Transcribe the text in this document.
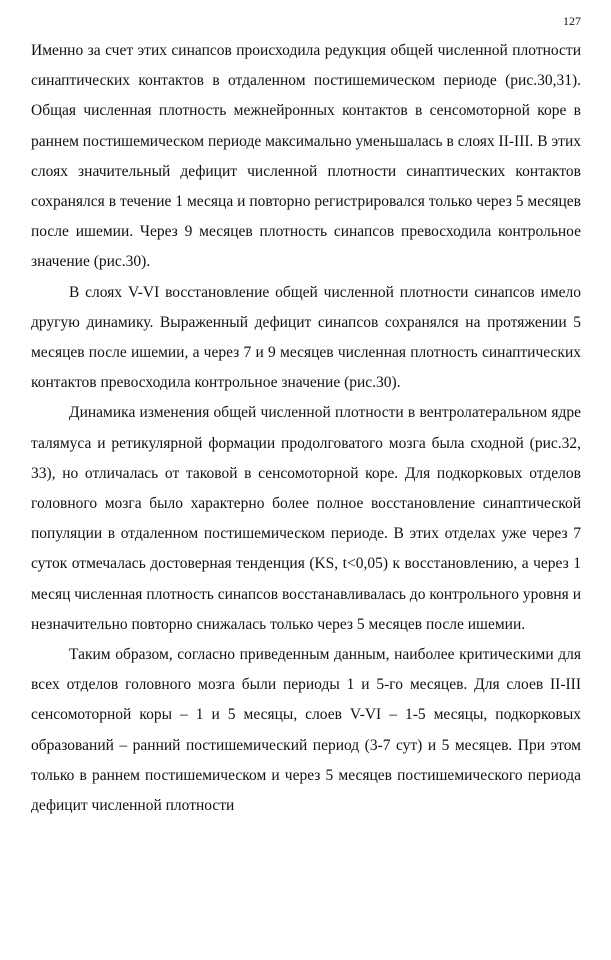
127

Именно за счет этих синапсов происходила редукция общей численной плотности синаптических контактов в отдаленном постишемическом периоде (рис.30,31). Общая численная плотность межнейронных контактов в сенсомоторной коре в раннем постишемическом периоде максимально уменьшалась в слоях II-III. В этих слоях значительный дефицит численной плотности синаптических контактов сохранялся в течение 1 месяца и повторно регистрировался только через 5 месяцев после ишемии. Через 9 месяцев плотность синапсов превосходила контрольное значение (рис.30).

В слоях V-VI восстановление общей численной плотности синапсов имело другую динамику. Выраженный дефицит синапсов сохранялся на протяжении 5 месяцев после ишемии, а через 7 и 9 месяцев численная плотность синаптических контактов превосходила контрольное значение (рис.30).

Динамика изменения общей численной плотности в вентролатеральном ядре талямуса и ретикулярной формации продолговатого мозга была сходной (рис.32, 33), но отличалась от таковой в сенсомоторной коре. Для подкорковых отделов головного мозга было характерно более полное восстановление синаптической популяции в отдаленном постишемическом периоде. В этих отделах уже через 7 суток отмечалась достоверная тенденция (KS, t<0,05) к восстановлению, а через 1 месяц численная плотность синапсов восстанавливалась до контрольного уровня и незначительно повторно снижалась только через 5 месяцев после ишемии.

Таким образом, согласно приведенным данным, наиболее критическими для всех отделов головного мозга были периоды 1 и 5-го месяцев. Для слоев II-III сенсомоторной коры – 1 и 5 месяцы, слоев V-VI – 1-5 месяцы, подкорковых образований – ранний постишемический период (3-7 сут) и 5 месяцев. При этом только в раннем постишемическом и через 5 месяцев постишемического периода дефицит численной плотности
